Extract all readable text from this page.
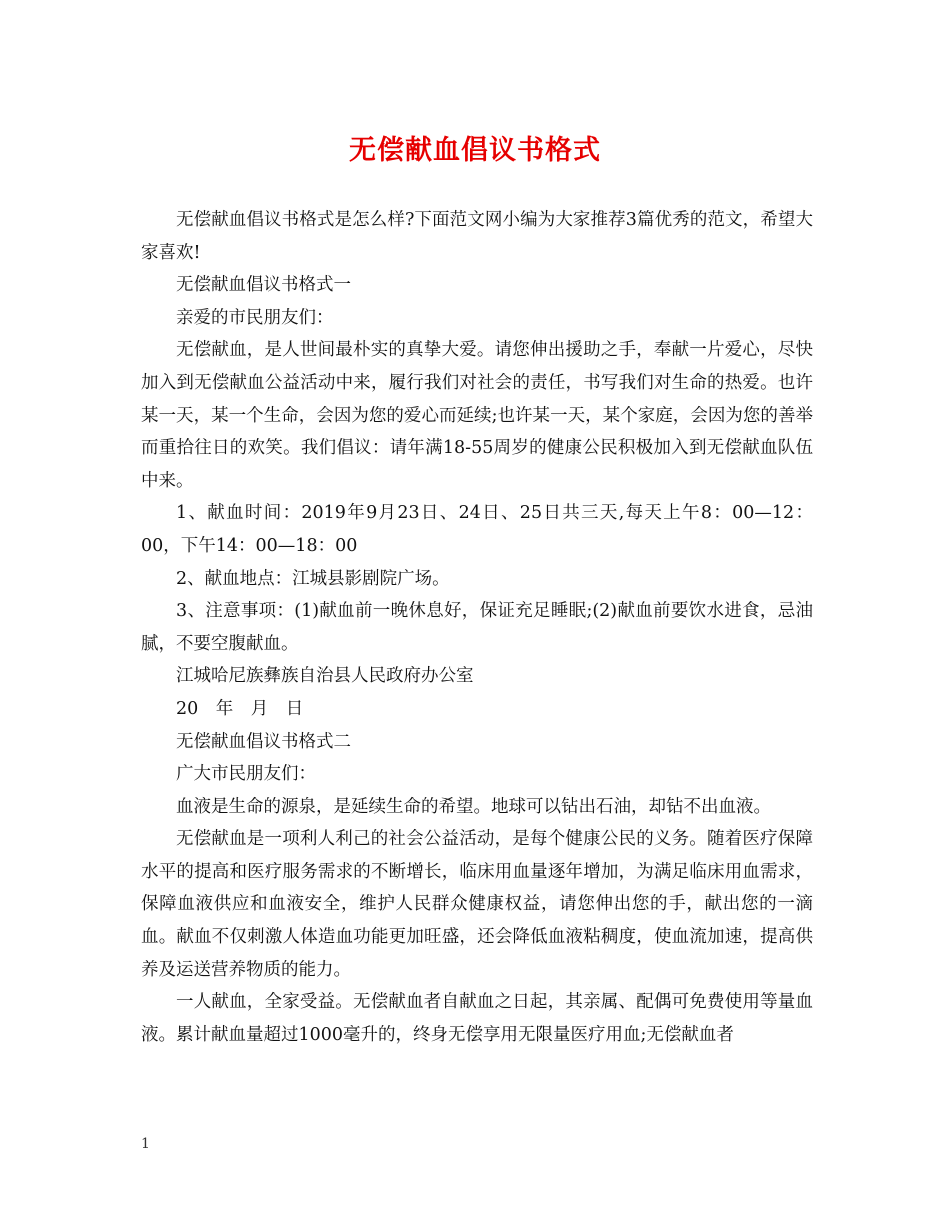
无偿献血倡议书格式

无偿献血倡议书格式是怎么样?下面范文网小编为大家推荐3篇优秀的范文，希望大家喜欢!

无偿献血倡议书格式一

亲爱的市民朋友们：

无偿献血，是人世间最朴实的真挚大爱。请您伸出援助之手，奉献一片爱心，尽快加入到无偿献血公益活动中来，履行我们对社会的责任，书写我们对生命的热爱。也许某一天，某一个生命，会因为您的爱心而延续;也许某一天，某个家庭，会因为您的善举而重拾往日的欢笑。我们倡议：请年满18-55周岁的健康公民积极加入到无偿献血队伍中来。

1、献血时间：2019年9月23日、24日、25日共三天,每天上午8：00—12：00，下午14：00—18：00

2、献血地点：江城县影剧院广场。

3、注意事项：(1)献血前一晚休息好，保证充足睡眠;(2)献血前要饮水进食，忌油腻，不要空腹献血。

江城哈尼族彝族自治县人民政府办公室

20　年　月　日

无偿献血倡议书格式二

广大市民朋友们：

血液是生命的源泉，是延续生命的希望。地球可以钻出石油，却钻不出血液。

无偿献血是一项利人利己的社会公益活动，是每个健康公民的义务。随着医疗保障水平的提高和医疗服务需求的不断增长，临床用血量逐年增加，为满足临床用血需求，保障血液供应和血液安全，维护人民群众健康权益，请您伸出您的手，献出您的一滴血。献血不仅刺激人体造血功能更加旺盛，还会降低血液粘稠度，使血流加速，提高供养及运送营养物质的能力。

一人献血，全家受益。无偿献血者自献血之日起，其亲属、配偶可免费使用等量血液。累计献血量超过1000毫升的，终身无偿享用无限量医疗用血;无偿献血者

1
